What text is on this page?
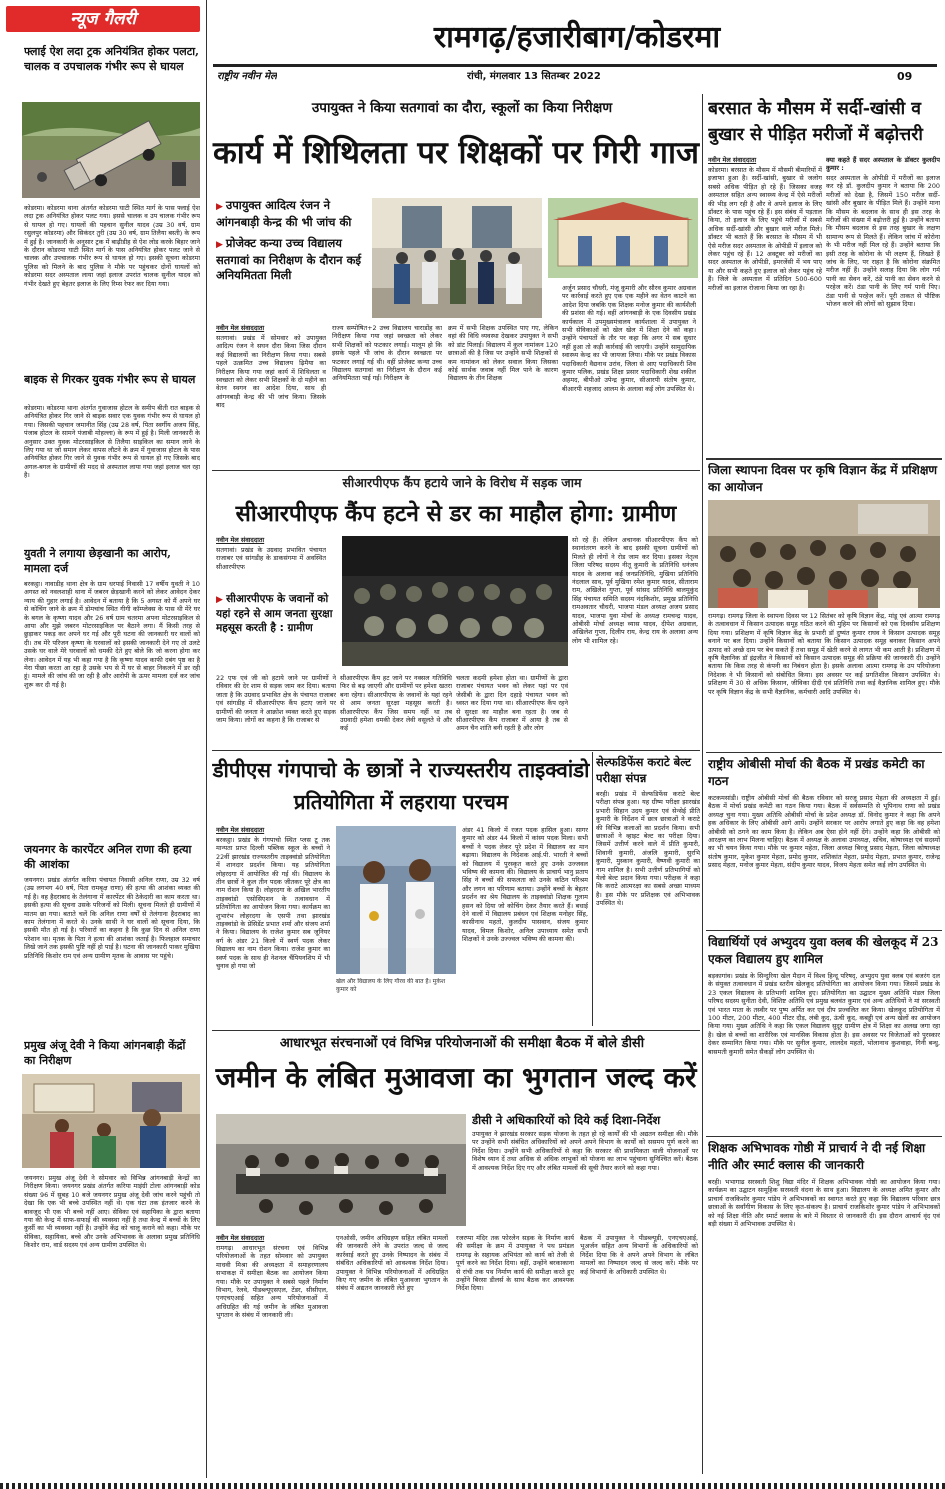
न्यूज गैलरी
फ्लाई ऐश लदा ट्रक अनियंत्रित होकर पलटा, चालक व उपचालक गंभीर रूप से घायल
कोडरमा। कोडरमा थाना अंतर्गत कोडरमा घाटी स्थित मार्ग के पास फ्लाई ऐश लदा ट्रक अनियंत्रित होकर पलट गया। इससे चालक व उप चालक गंभीर रूप से घायल हो गए। घायलों की पहचान सुनील यादव (उम्र 30 वर्ष, ग्राम रसुलपुर कोडरमा) और सिकंदर तुरी (उम्र 30 वर्ष, ग्राम तिलैया बस्ती) के रूप में हुई है। जानकारी के अनुसार ट्रक में बाढ़ीडीह से ऐश लोड करके बिहार जाने के दौरान कोडरमा घाटी स्थित मार्ग के पास अनियंत्रित होकर पलट जाने से चालक और उपचालक गंभीर रूप से घायल हो गए। इसकी सूचना कोडरमा पुलिस को मिलने के बाद पुलिस ने मौके पर पहुंचकर दोनों घायलों को कोडरमा सदर अस्पताल लाया जहां इलाज उपरांत चालक सुनील यादव को गंभीर देखते हुए बेहतर इलाज के लिए रिम्स रेफर कर दिया गया।
बाइक से गिरकर युवक गंभीर रूप से घायल
कोडरमा। कोडरमा थाना अंतर्गत गुवाजास होटल के समीप बीती रात बाइक से अनियंत्रित होकर गिर जाने से बाइक सवार एक युवक गंभीर रूप से घायल हो गया। जिसकी पहचान जमानीत सिंह (उम्र 28 वर्ष, पिता स्वर्गीय अजय सिंह, पंजाब होटल के सामने पंजाबी मोहल्ला) के रूप में हुई है। मिली जानकारी के अनुसार उक्त युवक मोटरसाइकिल से तिलैया साइकिल का समान लाने के लिए गया था जो समान लेकर वापस लौटने के क्रम में गुवाजास होटल के पास अनियंत्रित होकर गिर जाने से युवक गंभीर रूप से घायल हो गए जिसके बाद अगल-बगल के ग्रामीणों की मदद से अस्पताल लाया गया जहां इलाज चल रहा है।
युवती ने लगाया छेड़खानी का आरोप, मामला दर्ज
बरकट्ठा। नावाडीह थाना क्षेत्र के ग्राम धरपाई निवासी 17 वर्षीय युवती ने 10 अगस्त को नवलशाही थाना में जबरन छेड़खानी करने को लेकर आवेदन देकर न्याय की गुहार लगाई है। आवेदन में बताया है कि 5 अगस्त को मैं अपने घर से कोचिंग जाने के क्रम में डोमचांच स्थित गीगी कॉम्प्लेक्स के पास थी मेरे घर के बगल के कृष्णा यादव और 26 वर्ष ग्राम चतरमा अपना मोटरसाइकिल से आया और मुझे जबरन मोटरसाइकिल पर बैठाने लगा। मैं किसी तरह से छुड़ाकर पकड़ कर अपने घर गई और पूरी घटना की जानकारी घर वालों को दी। तब मेरे परिजन कृष्णा के घरवालों को इसकी जानकारी देने गए तो उलटे उसके घर वाले मेरे घरवालों को धमकी देते हुए बोले कि जो करना होगा कर लेना। आवेदन में यह भी कहा गया है कि कृष्णा यादव काफी दबंग पृष्ठ का है मेरा पीछा करता आ रहा है उसके भय से मैं घर से बाहर निकलने में डर रही हूं। मामले की जांच की जा रही है और आरोपी के ऊपर मामला दर्ज कर जांच शुरू कर दी गई है।
जयनगर के कारपेंटर अनिल राणा की हत्या की आशंका
जयनगर। प्रखंड अंतर्गत करिया पंचायत निवासी अनिल राणा, उम्र 32 वर्ष (उम्र लगभग 40 वर्ष, पिता रामबृक्ष राणा) की हत्या की आशंका व्यक्त की गई है। वह हैदराबाद के तेलंगाना में कारपेंटर की ठेकेदारी का काम करता था। इसकी हत्या की सूचना उसके परिजनों को मिली। सूचना मिलते ही ग्रामीणों में मातम छा गया। बताते चलें कि अनिल राणा वर्षों से तेलंगाना हैदराबाद का काम तेलंगाना में करते थे। उनके साथी ने घर वालों को सूचना दिया, कि इसकी मौत हो गई है। परिवारों का कहना है कि कुछ दिन से अनिल राणा परेशान था। मृतक के पिता ने हत्या की आशंका जताई है। फिलहाल समाचार लिखे जाने तक इसकी पुष्टि नहीं हो पाई है। घटना की जानकारी पाकर मुखिया प्रतिनिधि किशोर राम एवं अन्य ग्रामीण मृतक के आवास पर पहुंचे।
प्रमुख अंजू देवी ने किया आंगनबाड़ी केंद्रों का निरीक्षण
जयनगर। प्रमुख अंजू देवी ने सोमवार को विभिन्न आंगनबाड़ी केन्द्रों का निरीक्षण किया। जयनगर प्रखंड अंतर्गत करिया माइंग्री टोला आंगनबाड़ी कोड संख्या 96 में सुबह 10 बजे जयनगर प्रमुख अंजू देवी जांच करने पहुंची तो देखा कि एक भी बच्चे उपस्थित नहीं थे। एक घंटा तक इंतजार करने के बावजूद भी एक भी बच्चे नहीं आए। सेविका एवं सहायिका के द्वारा बताया गया की केन्द्र में साफ-सफाई की व्यवस्था नहीं है तथा केन्द्र में बच्चों के लिए कुर्सी का भी व्यवस्था नहीं है। उन्होंने केंद्र को चालू कराने को कहा। मौके पर सेविका, सहायिका, बच्चे और उनके अभिभावक के अलावा प्रमुख प्रतिनिधि किशोर राम, वार्ड सदस्य एवं अन्य ग्रामीण उपस्थित थे।
रामगढ़/हजारीबाग/कोडरमा
राष्ट्रीय नवीन मेल	रांची, मंगलवार 13 सितम्बर 2022	09
उपायुक्त ने किया सतगावां का दौरा, स्कूलों का किया निरीक्षण
कार्य में शिथिलता पर शिक्षकों पर गिरी गाज
▶ उपायुक्त आदित्य रंजन ने आंगनबाड़ी केन्द्र की भी जांच की
▶ प्रोजेक्ट कन्या उच्च विद्यालय सतगावां का निरीक्षण के दौरान कई अनियमितता मिली
नवीन मेल संवाददाता
सतगावां। प्रखंड में सोमवार को उपायुक्त आदित्य रंजन ने सघन दौरा किया जिस दौरान कई विद्यालयों का निरीक्षण किया गया। सबसे पहले उत्क्रमित उच्च विद्यालय ढ़िमैया का निरीक्षण किया गया जहां कार्य में शिथिलता व स्वच्छता को लेकर सभी शिक्षकों के दो महीने का वेतन स्थगन का आदेश दिया, साथ ही आंगनबाड़ी केन्द्र की भी जांच किया। जिसके बाद
राज्य सम्पोषित+2 उच्च विद्यालय चाराडोंह का निरीक्षण किया गया जहां स्वच्छता को लेकर सभी शिक्षकों को फटकार लगाई। मालूम हो कि इसके पहले भी जांच के दौरान स्वच्छता पर फटकार लगाई गई थी। वहीं प्रोजेक्ट कन्या उच्च विद्यालय सतगावां का निरीक्षण के दौरान कई अनियमितता पाई गई। निरीक्षण के
क्रम में सभी शिक्षक उपस्थित पाए गए, लेकिन वहां की विधि व्यवस्था देखकर उपायुक्त ने सभी को डांट पिलाई। विद्यालय में कुल नामांकन 120 छात्राओं की है जिस पर उन्होंने सभी शिक्षकों से कम नामांकन को लेकर सवाल किया जिसका कोई सार्थक जवाब नहीं मिल पाने के कारण विद्यालय के तीन शिक्षक
अर्जुन प्रसाद चौधरी, मंजू कुमारी और सौरव कुमार अग्रवाल पर कार्रवाई करते हुए एक एक महीने का वेतन काटने का आदेश दिया जबकि एक शिक्षक मनोज कुमार की कार्यशैली की प्रशंसा की गई। वहीं आंगनबाड़ी के एक दिवसीय प्रखंड कार्यकाल में उपमुख्यमंत्रालय कार्यशाला में उपायुक्त ने सभी सेविकाओं को खेल खेल में शिक्षा देने को कहा। उन्होंने पंचायतों के तौर पर कहा कि अगर मे सब सुधार नहीं हुआ तो कड़ी कार्रवाई की जाएगी। उन्होंने सामुदायिक स्वास्थ्य केन्द्र का भी जायजा लिया। मौके पर प्रखंड विकास पदाधिकारी वैद्यनाथ उरांव, जिला से आए पदाधिकारी शिव कुमार पलिक, प्रखंड शिक्षा प्रसार पदाधिकारी शेख शकील अहमद, बीपीओ उपेन्द्र कुमार, सीआरपी संतोष कुमार, बीआरपी शहजाद आलम के अलावा कई लोग उपस्थित थे।
बरसात के मौसम में सर्दी-खांसी व बुखार से पीड़ित मरीजों में बढ़ोत्तरी
नवीन मेल संवाददाता
कोडरमा। बरसात के मौसम में मौसमी बीमारियों में इजाफा हुआ है। सर्दी-खांसी, बुखार से जलोग सबसे अधिक पीड़ित हो रहे हैं। जिसका वजह अस्पताल सहित अन्य स्वास्थ्य केन्द्र में ऐसे मरीजों की भीड़ लग रही है और वे अपने इलाज के लिए डॉक्टर के पास पहुंच रहे हैं। इस संबंध में पड़ताल किया, तो इलाज के लिए पहुंचे मरीजों में सबसे अधिक सर्दी-खांसी और बुखार वाले मरीज मिले। डॉक्टर भी बताते हैं कि बरसात के मौसम में भी ऐसे मरीज सदर अस्पताल के ओपीडी में इलाज को लेकर पहुंच रहे हैं। 12 अक्टूबर को मरीजों का सदर अस्पताल के ओपीडी, इमरजेंसी में भय पाए या और सभी कहते हुए इलाज को लेकर पहुंच रहे हैं। जिले के अस्पताल में प्रतिदिन 500-600 मरीजों का इलाज रोजाना किया जा रहा है।
क्या कहते हैं सदर अस्पताल के डॉक्टर कुलदीप कुमार :
सदर अस्पताल के ओपीडी में मरीजों का इलाज कर रहे डॉ. कुलदीप कुमार ने बताया कि 200 मरीजों को देखा है, जिसमें 150 मरीज सर्दी-खांसी और बुखार के पीड़ित मिले हैं। उन्होंने माना कि मौसम के बदलाव के साथ ही इस तरह के मरीजों की संख्या में बढ़ोत्तरी हुई है। उन्होंने बताया कि मौसम बदलाव से इस तरह बुखार के लक्षण सामान्य रूप से मिलते हैं। लेकिन जांच में कोरोना के भी मरीज नहीं मिल रहे हैं। उन्होंने बताया कि इसी तरह के कोरोना के भी लक्षण हैं, लिखते हैं जांच के लिए, पर राहत है कि कोरोना संक्रमित मरीज नहीं हैं। उन्होंने सलाह दिया कि लोग गर्म पानी का सेवन करें, ठंडे पानी का सेवन करने से परहेज करें। ठंडा पानी के लिए गर्म पानी पिए। ठंडा पानी से परहेज करें। पूरी ताकत से पौष्टिक भोजन करने की लोगों को सुझाव दिया।
जिला स्थापना दिवस पर कृषि विज्ञान केंद्र में प्रशिक्षण का आयोजन
रामगढ़। रामगढ़ जिला के स्थापना दिवस पर 12 सितंबर को कृषि विज्ञान केंद्र, मांडू एवं आत्मा रामगढ़ के तत्वावधान में किसान उत्पादक समूह गठित करने की मुहिम पर किसानों को एक दिवसीय प्रशिक्षण दिया गया। प्रशिक्षण में कृषि विज्ञान केंद्र के प्रभारी डॉ दुष्यंत कुमार राघव ने किसान उत्पादक समूह बनाने पर बल दिया। उन्होंने किसानों को बताया कि किसान उत्पादक समूह बनाकर किसान अपने उत्पाद को अच्छे दाम पर बेच सकते हैं तथा समूह में खेती करने से लागत भी कम आती है। प्रशिक्षण में कृषि वैज्ञानिक डॉ इंद्रजीत ने किसानों को किसान उत्पादक समूह की प्रक्रिया की जानकारी दी। उन्होंने बताया कि किस तरह से कंपनी का निबंधन होता है। इसके अलावा आत्मा रामगढ़ के उप परियोजना निदेशक ने भी किसानों को संबोधित किया। इस अवसर पर कई प्रगतिशील किसान उपस्थित थे। प्रशिक्षण में 30 से अधिक किसान, जीविका दीदी एवं प्रतिनिधि तथा कई वैज्ञानिक शामिल हुए। मौके पर कृषि विज्ञान केंद्र के सभी वैज्ञानिक, कर्मचारी आदि उपस्थित थे।
राष्ट्रीय ओबीसी मोर्चा की बैठक में प्रखंड कमेटी का गठन
कटकमसांडी। राष्ट्रीय ओबीसी मोर्चा की बैठक रविवार को सरजू प्रसाद मेहता की अध्यक्षता में हुई। बैठक में मोर्चा प्रखंड कमेटी का गठन किया गया। बैठक में सर्वसम्मति से भूपिनाथ राणा को प्रखंड अध्यक्ष चुना गया। मुख्य अतिथि ओबीसी मोर्चा के प्रदेश अध्यक्ष डॉ. विनोद कुमार ने कहा कि अपने हक अधिकार के लिए ओबीसी आगे आयें। उन्होंने सरकार पर आरोप लगाते हुए कहा कि वह हमेशा ओबीसी को ठगने का काम किया है। लेकिन अब ऐसा होने नहीं देंगे। उन्होंने कहा कि ओबीसी को आरक्षण का लाभ मिलना चाहिए। बैठक में अध्यक्ष के अलावा उपाध्यक्ष, सचिव, कोषाध्यक्ष एवं सदस्यों का भी चयन किया गया। मौके पर कुमार महेता, जिला अध्यक्ष बिरजू प्रसाद मेहता, जिला कोषाध्यक्ष संतोष कुमार, मुकेश कुमार मेहता, प्रमोद कुमार, शशिकांत मेहता, प्रमोद मेहता, प्रभात कुमार, राजेन्द्र प्रसाद मेहता, मनोज कुमार मेहता, संदीप कुमार यादव, विजय मेहता समेत कई लोग उपस्थित थे।
विद्यार्थियों एवं अभ्युदय युवा क्लब की खेलकूद में 23 एकल विद्यालय हुए शामिल
बड़कागांव। प्रखंड के सिन्दुरिया खेल मैदान में विश्व हिन्दू परिषद्, अभ्युदय युवा क्लब एवं बजरंग दल के संयुक्त तत्वावधान में प्रखंड स्तरीय खेलकूद प्रतियोगिता का आयोजन किया गया। जिसमें प्रखंड के 23 एकल विद्यालय के प्रतिभागी शामिल हुए। प्रतियोगिता का उद्घाटन मुख्य अतिथि मंडल जिला परिषद सदस्य सुनीता देवी, विशिष्ट अतिथि एवं प्रमुख बलवंत कुमार एवं अन्य अतिथियों ने मां सरस्वती एवं भारत माता के तस्वीर पर पुष्प अर्पित कर एवं दीप प्रज्वलित कर किया। खेलकूद प्रतियोगिता में 100 मीटर, 200 मीटर, 400 मीटर दौड़, लंबी कूद, ऊंची कूद, कबड्डी एवं अन्य खेलों का आयोजन किया गया। मुख्य अतिथि ने कहा कि एकल विद्यालय सुदूर ग्रामीण क्षेत्र में शिक्षा का अलख जगा रहा है। खेल से बच्चों का शारीरिक एवं मानसिक विकास होता है। इस अवसर पर विजेताओं को पुरस्कार देकर सम्मानित किया गया। मौके पर सुनील कुमार, लालदेव महतो, भोलानाथ कुशवाहा, गिनी बन्धु, बासमती कुमारी समेत सैकड़ों लोग उपस्थित थे।
शिक्षक अभिभावक गोष्ठी में प्राचार्य ने दी नई शिक्षा नीति और स्मार्ट क्लास की जानकारी
बरही। भभागाढ सरस्वती शिशु विद्या मंदिर में शिक्षक अभिभावक गोष्ठी का आयोजन किया गया। कार्यक्रम का उद्घाटन सामूहिक सरस्वती वंदना के साथ हुआ। विद्यालय के अध्यक्ष अमित कुमार और प्राचार्य राजकिशोर कुमार पांडेय ने अभिभावकों का स्वागत करते हुए कहा कि विद्यालय परिवार छात्र छात्राओं के सर्वांगीण विकास के लिए कृत-संकल्प है। प्राचार्य राजकिशोर कुमार पांडेय ने अभिभावकों को नई शिक्षा नीति और स्मार्ट क्लास के बारे में विस्तार से जानकारी दी। इस दौरान आचार्य वृंद एवं बड़ी संख्या में अभिभावक उपस्थित थे।
सीआरपीएफ कैंप हटाये जाने के विरोध में सड़क जाम
सीआरपीएफ कैंप हटने से डर का माहौल होगा: ग्रामीण
नवीन मेल संवाददाता
सतगावां। प्रखंड के उग्रवाद प्रभावित पंचायत राजाबर एवं सांगडीह के डाकसंगमा में अवस्थित सीआरपीएफ
▶ सीआरपीएफ के जवानों को यहां रहने से आम जनता सुरक्षा महसूस करती है : ग्रामीण
22 एफ एवं जी को हटाये जाने पर ग्रामीणों ने रविवार की देर शाम से सड़क जाम कर दिया। बताया जाता है कि उग्रवाद प्रभावित क्षेत्र के पंचायत राजाबर एवं सांगडीह में सीआरपीएफ कैंप हटाए जाने पर ग्रामीणों की जनता ने आक्रोश व्यक्त करते हुए सड़क जाम किया। लोगों का कहना है कि राजाबर से
सीआरपीएफ कैंप हट जाने पर नक्सल गतिविधि फिर से बढ़ जाएगी और ग्रामीणों पर हमेशा खतरा बना रहेगा। सीआरपीएफ के जवानों के यहां रहने से आम जनता सुरक्षा महसूस करती है। सीआरपीएफ कैंप जिस समय नहीं था तब उग्रवादी हमेशा धमकी देकर लेवी वसूलते थे और कई
चलता कदमी हमेशा होता था। ग्रामीणों के द्वारा राजाबर पंचायत भवन को लेकर यहां पर एवं जेसीबी के द्वारा दिन दहाड़े पंचायत भवन को ध्वस्त कर दिया गया था। सीआरपीएफ कैंप रहने से सुरक्षा का माहौल बना रहता है। जब से सीआरपीएफ कैंप राजाबर में आया है तब से अमन चैन शांति बनी रहती है और लोग
सो रहे हैं। लेकिन अचानक सीआरपीएफ कैंप को स्थानांतरण करने के बाद इसकी सूचना ग्रामीणों को मिलते ही लोगों ने रोड जाम कर दिया। इसका नेतृत्व जिला परिषद सदस्य नीतू कुमारी के प्रतिनिधि धनंजय यादव के अलावा कई जनप्रतिनिधि, मुखिया प्रतिनिधि नंदलाल साव, पूर्व मुखिया रमेश कुमार यादव, सीताराम राम, अखिलेश गुप्ता, पूर्व सांसद प्रतिनिधि बालमुकुंद सिंह पंचायत समिति सदस्य नंदकिशोर, प्रमुख प्रतिनिधि रामअवतार चौधरी, भाजपा मंडल अध्यक्ष अजय प्रसाद यादव, भाजपा युवा मोर्चा के अध्यक्ष रामचन्द्र यादव, ओबीसी मोर्चा अध्यक्ष व्यास यादव, दीपेश अग्रवाल, अखिलेश गुप्ता, दिलीप राय, केन्द्र राय के अलावा अन्य लोग भी शामिल रहे।
डीपीएस गंगपाचो के छात्रों ने राज्यस्तरीय ताइक्वांडो प्रतियोगिता में लहराया परचम
नवीन मेल संवाददाता
बरकट्ठा। प्रखंड के गंगपाचो स्थित प्लस टू तक मान्यता प्राप्त दिल्ली पब्लिक स्कूल के बच्चों ने 22वीं झारखंड राज्यस्तरीय ताइक्वांडो प्रतियोगिता में शानदार प्रदर्शन किया। यह प्रतियोगिता लोहरदगा में आयोजित की गई थी। विद्यालय के तीन छात्रों ने कुल तीन पदक जीतकर पूरे क्षेत्र का नाम रोशन किया है। लोहरदगा के अखिल भारतीय ताइक्वांडो एसोसिएशन के तत्वावधान में प्रतियोगिता का आयोजन किया गया। कार्यक्रम का शुभारंभ लोहरदगा के एसपी तथा झारखंड ताइक्वांडो के प्रेसिडेंट प्रभात शर्मा और संजय शर्मा ने किया। विद्यालय के राजेश कुमार सब जूनियर वर्ग के अंडर 21 किलो में स्वर्ण पदक लेकर विद्यालय का नाम रोशन किया। राजेश कुमार का स्वर्ण पदक के साथ ही नेशनल चैंपियनशिप में भी चुनाव हो गया जो
खेल और विद्यालय के लिए गौरव की बात है। मुकेश कुमार को
अंडर 41 किलो में रजत पदक हासिल हुआ। सागर कुमार को अंडर 44 किलो में कांस्य पदक मिला। सभी बच्चों ने पदक लेकर पूरे प्रदेश में विद्यालय का मान बढ़ाया। विद्यालय के निदेशक आई.पी. भारती ने बच्चों को विद्यालय में पुरस्कृत करते हुए उनके उज्जवल भविष्य की कामना की। विद्यालय के प्राचार्य भानु प्रताप सिंह ने बच्चों की सफलता को उनके कठिन परिश्रम और लगन का परिणाम बताया। उन्होंने बच्चों के बेहतर प्रदर्शन का श्रेय विद्यालय के ताइक्वांडो शिक्षक गुलाम हसन को दिया जो कोचिंग देकर तैयार करते हैं। बधाई देने वालों में विद्यालय प्रबंधन एवं शिक्षक मनोहर सिंह, कासीनाथ महतो, कुलदीप पासवान, संजय कुमार यादव, विमल किशोर, अनिल उपाध्याय समेत सभी शिक्षकों ने उनके उज्ज्वल भविष्य की कामना की।
सेल्फडिफेंस कराटे बेल्ट परीक्षा संपन्न
बरही। प्रखंड में सेल्फडिफेंस कराटे बेल्ट परीक्षा संपन्न हुआ। यह ग्रीष्म परीक्षा झारखंड प्रभारी सिहान उदय कुमार एवं सेन्सेई प्रीति कुमारी के निर्देशन में छात्र छात्राओं ने कराटे की विभिन्न कलाओं का प्रदर्शन किया। सभी छात्राओं ने व्हाइट बेल्ट का परीक्षा दिया। जिसमें उत्तीर्ण करने वाले में प्रीति कुमारी, शिवानी कुमारी, अंजलि कुमारी, सुरभि कुमारी, मुस्कान कुमारी, वैष्णवी कुमारी का नाम शामिल है। सभी उत्तीर्ण प्रतिभागियों को येलो बेल्ट प्रदान किया गया। परीक्षक ने कहा कि कराटे आत्मरक्षा का सबसे अच्छा माध्यम है। इस मौके पर प्रशिक्षक एवं अभिभावक उपस्थित थे।
आधारभूत संरचनाओं एवं विभिन्न परियोजनाओं की समीक्षा बैठक में बोले डीसी
जमीन के लंबित मुआवजा का भुगतान जल्द करें
डीसी ने अधिकारियों को दिये कई दिशा-निर्देश
उपायुक्त ने झारखंड सरकार सड़क योजना के तहत हो रहे कार्यों की भी अद्यतन समीक्षा की। मौके पर उन्होंने सभी संबंधित अधिकारियों को अपने अपने विभाग के कार्यों को ससमय पूर्ण करने का निर्देश दिया। उन्होंने सभी अधिकारियों से कहा कि सरकार की प्राथमिकता वाली योजनाओं पर विशेष ध्यान दें तथा अधिक से अधिक लाभुकों को योजना का लाभ पहुंचाना सुनिश्चित करें। बैठक में आवश्यक निर्देश दिए गए और लंबित मामलों की सूची तैयार करने को कहा गया।
नवीन मेल संवाददाता
रामगढ़। आधारभूत संरचना एवं विभिन्न परियोजनाओं के तहत सोमवार को उपायुक्त माधवी मिश्रा की अध्यक्षता में समाहरणालय सभाकक्ष में समीक्षा बैठक का आयोजन किया गया। मौके पर उपायुक्त ने सबसे पहले निर्माण विभाग, रेलवे, पीडब्ल्यूएसएल, टेंडर, सीसीएल, एनएचएआई सहित अन्य परियोजनाओं में अधिग्रहित की गई जमीन के लंबित मुआवजा भुगतान के संबंध में जानकारी ली।
एनओसी, जमीन अधिग्रहण सहित लंबित मामलों की जानकारी लेने के उपरांत जल्द से जल्द कार्रवाई करते हुए उनके निष्पादन के संबंध में संबंधित अधिकारियों को आवश्यक निर्देश दिया। उपायुक्त ने विभिन्न परियोजनाओं में अधिग्रहित किए गए जमीन के लंबित मुआवजा भुगतान के संबंध में अद्यतन जानकारी लेते हुए
रजरप्पा मंदिर तक फोरलेन सड़क के निर्माण कार्य की समीक्षा के क्रम में उपायुक्त ने पथ प्रमंडल रामगढ़ के सहायक अभियंता को कार्य को तेजी से पूर्ण करने का निर्देश दिया। वहीं, उन्होंने बरकाकाना से रांची तक पथ निर्माण कार्य की समीक्षा करते हुए उन्होंने बिरसा डीलर्स के साथ बैठक कर आवश्यक निर्देश दिया।
बैठक में उपायुक्त ने पीडब्ल्यूडी, एनएचएआई, भूअर्जन सहित अन्य विभागों के अधिकारियों को निर्देश दिया कि वे अपने अपने विभाग के लंबित मामलों का निष्पादन जल्द से जल्द करें। मौके पर कई विभागों के अधिकारी उपस्थित थे।
